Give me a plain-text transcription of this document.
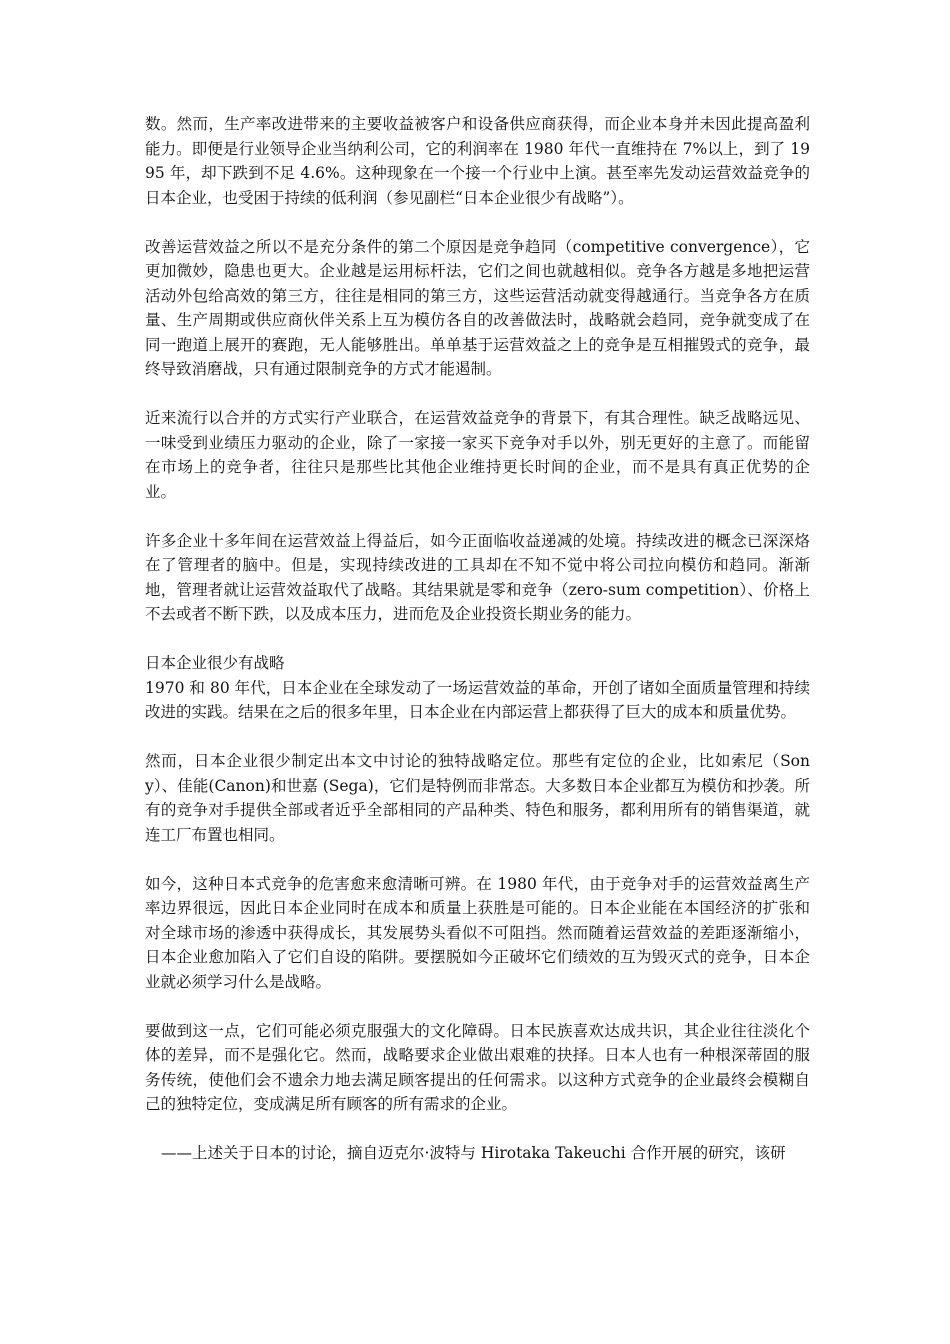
数。然而，生产率改进带来的主要收益被客户和设备供应商获得，而企业本身并未因此提高盈利能力。即便是行业领导企业当纳利公司，它的利润率在 1980 年代一直维持在 7%以上，到了 1995 年，却下跌到不足 4.6%。这种现象在一个接一个行业中上演。甚至率先发动运营效益竞争的日本企业，也受困于持续的低利润（参见副栏“日本企业很少有战略”）。

改善运营效益之所以不是充分条件的第二个原因是竞争趋同（competitive convergence），它更加微妙，隐患也更大。企业越是运用标杆法，它们之间也就越相似。竞争各方越是多地把运营活动外包给高效的第三方，往往是相同的第三方，这些运营活动就变得越通行。当竞争各方在质量、生产周期或供应商伙伴关系上互为模仿各自的改善做法时，战略就会趋同，竞争就变成了在同一跑道上展开的赛跑，无人能够胜出。单单基于运营效益之上的竞争是互相摧毁式的竞争，最终导致消磨战，只有通过限制竞争的方式才能遏制。

近来流行以合并的方式实行产业联合，在运营效益竞争的背景下，有其合理性。缺乏战略远见、一味受到业绩压力驱动的企业，除了一家接一家买下竞争对手以外，别无更好的主意了。而能留在市场上的竞争者，往往只是那些比其他企业维持更长时间的企业，而不是具有真正优势的企业。

许多企业十多年间在运营效益上得益后，如今正面临收益递减的处境。持续改进的概念已深深烙在了管理者的脑中。但是，实现持续改进的工具却在不知不觉中将公司拉向模仿和趋同。渐渐地，管理者就让运营效益取代了战略。其结果就是零和竞争（zero-sum competition）、价格上不去或者不断下跌，以及成本压力，进而危及企业投资长期业务的能力。

日本企业很少有战略

1970 和 80 年代，日本企业在全球发动了一场运营效益的革命，开创了诸如全面质量管理和持续改进的实践。结果在之后的很多年里，日本企业在内部运营上都获得了巨大的成本和质量优势。

然而，日本企业很少制定出本文中讨论的独特战略定位。那些有定位的企业，比如索尼（Sony）、佳能(Canon)和世嘉 (Sega)，它们是特例而非常态。大多数日本企业都互为模仿和抄袭。所有的竞争对手提供全部或者近乎全部相同的产品种类、特色和服务，都利用所有的销售渠道，就连工厂布置也相同。

如今，这种日本式竞争的危害愈来愈清晰可辨。在 1980 年代，由于竞争对手的运营效益离生产率边界很远，因此日本企业同时在成本和质量上获胜是可能的。日本企业能在本国经济的扩张和对全球市场的渗透中获得成长，其发展势头看似不可阻挡。然而随着运营效益的差距逐渐缩小，日本企业愈加陷入了它们自设的陷阱。要摆脱如今正破坏它们绩效的互为毁灭式的竞争，日本企业就必须学习什么是战略。

要做到这一点，它们可能必须克服强大的文化障碍。日本民族喜欢达成共识，其企业往往淡化个体的差异，而不是强化它。然而，战略要求企业做出艰难的抉择。日本人也有一种根深蒂固的服务传统，使他们会不遗余力地去满足顾客提出的任何需求。以这种方式竞争的企业最终会模糊自己的独特定位，变成满足所有顾客的所有需求的企业。

——上述关于日本的讨论，摘自迈克尔·波特与 Hirotaka Takeuchi 合作开展的研究，该研
